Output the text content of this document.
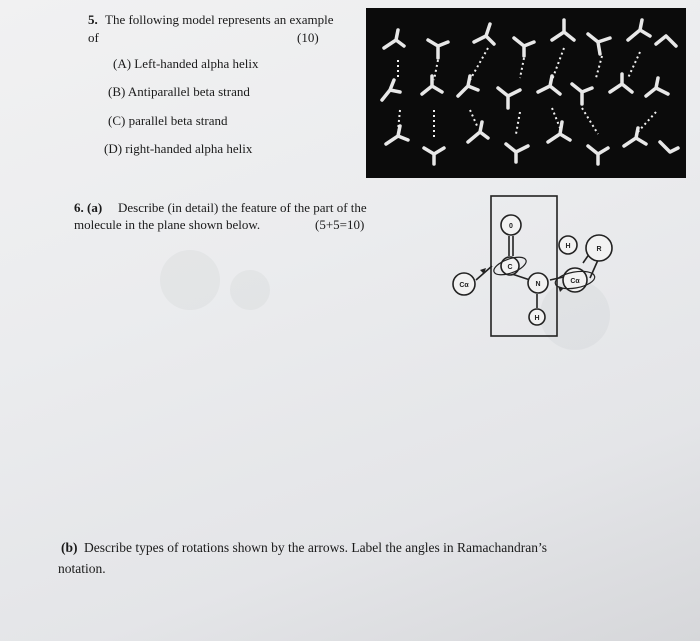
5. The following model represents an example
of	(10)
(A) Left-handed alpha helix
(B) Antiparallel beta strand
(C) parallel beta strand
(D) right-handed alpha helix
6. (a) Describe (in detail) the feature of the part of the
molecule in the plane shown below.	(5+5=10)	0
C
N
H
Cα
Cα
H	R
(b) Describe types of rotations shown by the arrows. Label the angles in Ramachandran’s
notation.
